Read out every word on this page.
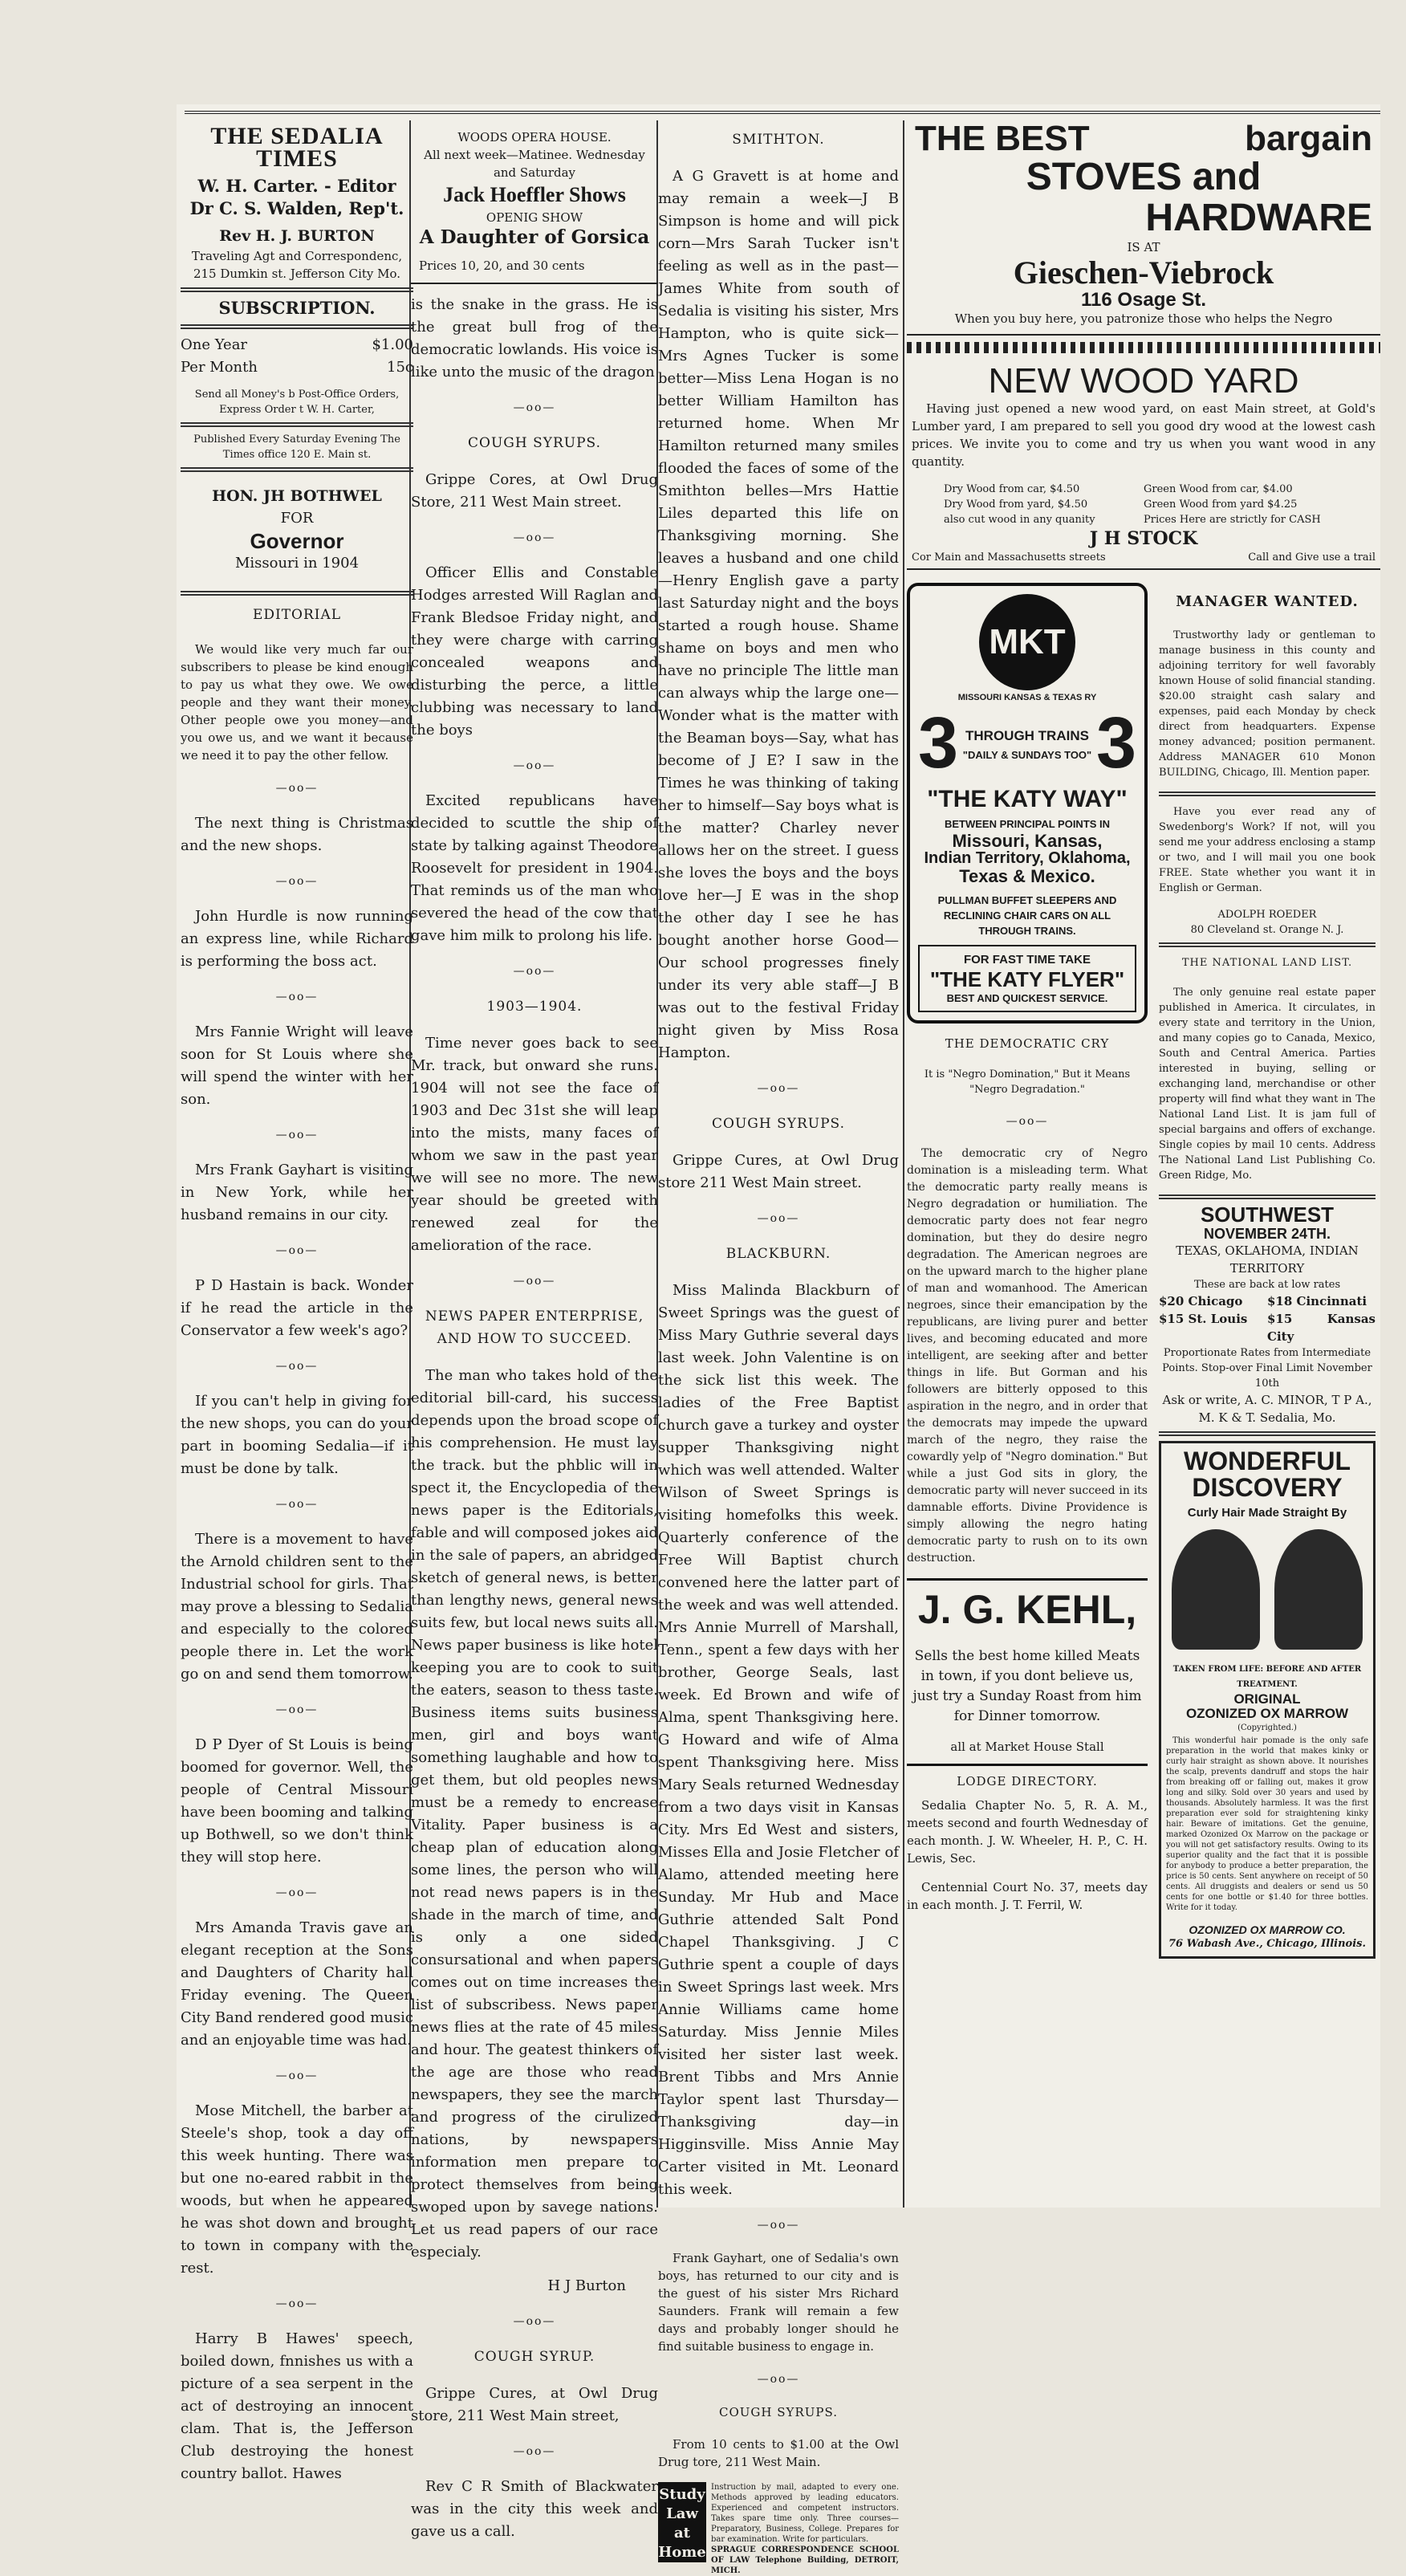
THE SEDALIA TIMES
W. H. Carter. - Editor
Dr C. S. Walden, Rep't.
Rev H. J. BURTON
Traveling Agt and Correspondenc,
215 Dumkin st. Jefferson City Mo.
SUBSCRIPTION.
One Year	$1.00
Per Month	15c
Send all Money's b Post-Office Orders, Express Order t W. H. Carter,
Published Every Saturday Evening The Times office 120 E. Main st.
HON. JH BOTHWEL
FOR
Governor
Missouri in 1904
EDITORIAL

We would like very much far our subscribers to please be kind enough to pay us what they owe. We owe people and they want their money. Other people owe you money—and you owe us, and we want it because we need it to pay the other fellow.

—oo—

The next thing is Christmas and the new shops.

—oo—

John Hurdle is now running an express line, while Richard is performing the boss act.

—oo—

Mrs Fannie Wright will leave soon for St Louis where she will spend the winter with her son.

—oo—

Mrs Frank Gayhart is visiting in New York, while her husband remains in our city.

—oo—

P D Hastain is back. Wonder if he read the article in the Conservator a few week's ago?

—oo—

If you can't help in giving for the new shops, you can do your part in booming Sedalia—if it must be done by talk.

—oo—

There is a movement to have the Arnold children sent to the Industrial school for girls. That may prove a blessing to Sedalia and especially to the colored people there in. Let the work go on and send them tomorrow.

—oo—

D P Dyer of St Louis is being boomed for governor. Well, the people of Central Missouri have been booming and talking up Bothwell, so we don't think they will stop here.

—oo—

Mrs Amanda Travis gave an elegant reception at the Sons and Daughters of Charity hall Friday evening. The Queen City Band rendered good music and an enjoyable time was had.

—oo—

Mose Mitchell, the barber at Steele's shop, took a day off this week hunting. There was but one no-eared rabbit in the woods, but when he appeared he was shot down and brought to town in company with the rest.

—oo—

Harry B Hawes' speech, boiled down, fnnishes us with a picture of a sea serpent in the act of destroying an innocent clam. That is, the Jefferson Club destroying the honest country ballot. Hawes

WOODS OPERA HOUSE.
All next week—Matinee. Wednesday and Saturday
Jack Hoeffler Shows
OPENIG SHOW
A Daughter of Gorsica
Prices 10, 20, and 30 cents

is the snake in the grass. He is the great bull frog of the democratic lowlands. His voice is like unto the music of the dragon

—oo—
COUGH SYRUPS.

Grippe Cores, at Owl Drug Store, 211 West Main street.

—oo—

Officer Ellis and Constable Hodges arrested Will Raglan and Frank Bledsoe Friday night, and they were charge with carring concealed weapons and disturbing the perce, a little clubbing was necessary to land the boys

—oo—

Excited republicans have decided to scuttle the ship of state by talking against Theodore Roosevelt for president in 1904. That reminds us of the man who severed the head of the cow that gave him milk to prolong his life.

—oo—
1903—1904.

Time never goes back to see Mr. track, but onward she runs. 1904 will not see the face of 1903 and Dec 31st she will leap into the mists, many faces of whom we saw in the past year we will see no more. The new year should be greeted with renewed zeal for the amelioration of the race.

—oo—
NEWS PAPER ENTERPRISE, AND HOW TO SUCCEED.

The man who takes hold of the editorial bill-card, his success depends upon the broad scope of his comprehension. He must lay the track. but the phblic will in spect it, the Encyclopedia of the news paper is the Editorials, fable and will composed jokes aid in the sale of papers, an abridged sketch of general news, is better than lengthy news, general news suits few, but local news suits all. News paper business is like hotel keeping you are to cook to suit the eaters, season to thess taste. Business items suits business men, girl and boys want something laughable and how to get them, but old peoples news must be a remedy to encrease Vitality. Paper business is a cheap plan of education along some lines, the person who will not read news papers is in the shade in the march of time, and is only a one sided consursational and when papers comes out on time increases the list of subscribess. News paper news flies at the rate of 45 miles and hour. The geatest thinkers of the age are those who read newspapers, they see the march and progress of the cirulized nations, by newspapers information men prepare to protect themselves from being swoped upon by savege nations. Let us read papers of our race especialy.

H J Burton
—oo—
COUGH SYRUP.

Grippe Cures, at Owl Drug store, 211 West Main street,

—oo—

Rev C R Smith of Blackwater was in the city this week and gave us a call.

SMITHTON.

A G Gravett is at home and may remain a week—J B Simpson is home and will pick corn—Mrs Sarah Tucker isn't feeling as well as in the past—James White from south of Sedalia is visiting his sister, Mrs Hampton, who is quite sick—Mrs Agnes Tucker is some better—Miss Lena Hogan is no better William Hamilton has returned home. When Mr Hamilton returned many smiles flooded the faces of some of the Smithton belles—Mrs Hattie Liles departed this life on Thanksgiving morning. She leaves a husband and one child—Henry English gave a party last Saturday night and the boys started a rough house. Shame shame on boys and men who have no principle The little man can always whip the large one—Wonder what is the matter with the Beaman boys—Say, what has become of J E? I saw in the Times he was thinking of taking her to himself—Say boys what is the matter? Charley never allows her on the street. I guess she loves the boys and the boys love her—J E was in the shop the other day I see he has bought another horse Good—Our school progresses finely under its very able staff—J B was out to the festival Friday night given by Miss Rosa Hampton.

—oo—
COUGH SYRUPS.

Grippe Cures, at Owl Drug store 211 West Main street.

—oo—
BLACKBURN.

Miss Malinda Blackburn of Sweet Springs was the guest of Miss Mary Guthrie several days last week. John Valentine is on the sick list this week. The ladies of the Free Baptist church gave a turkey and oyster supper Thanksgiving night which was well attended. Walter Wilson of Sweet Springs is visiting homefolks this week. Quarterly conference of the Free Will Baptist church convened here the latter part of the week and was well attended. Mrs Annie Murrell of Marshall, Tenn., spent a few days with her brother, George Seals, last week. Ed Brown and wife of Alma, spent Thanksgiving here. G Howard and wife of Alma spent Thanksgiving here. Miss Mary Seals returned Wednesday from a two days visit in Kansas City. Mrs Ed West and sisters, Misses Ella and Josie Fletcher of Alamo, attended meeting here Sunday. Mr Hub and Mace Guthrie attended Salt Pond Chapel Thanksgiving. J C Guthrie spent a couple of days in Sweet Springs last week. Mrs Annie Williams came home Saturday. Miss Jennie Miles visited her sister last week. Brent Tibbs and Mrs Annie Taylor spent last Thursday—Thanksgiving day—in Higginsville. Miss Annie May Carter visited in Mt. Leonard this week.

—oo—

Frank Gayhart, one of Sedalia's own boys, has returned to our city and is the guest of his sister Mrs Richard Saunders. Frank will remain a few days and probably longer should he find suitable business to engage in.

—oo—
COUGH SYRUPS.

From 10 cents to $1.00 at the Owl Drug tore, 211 West Main.

Study Law at Home
Instruction by mail, adapted to every one. Methods approved by leading educators. Experienced and competent instructors. Takes spare time only. Three courses—Preparatory, Business, College. Prepares for bar examination. Write for particulars.
SPRAGUE CORRESPONDENCE SCHOOL OF LAW Telephone Building, DETROIT, MICH.
THE BEST	bargain
STOVES and
HARDWARE
IS AT
Gieschen-Viebrock
116 Osage St.
When you buy here, you patronize those who helps the Negro
NEW WOOD YARD

Having just opened a new wood yard, on east Main street, at Gold's Lumber yard, I am prepared to sell you good dry wood at the lowest cash prices. We invite you to come and try us when you want wood in any quantity.

Dry Wood from car, $4.50	Green Wood from car, $4.00
Dry Wood from yard, $4.50	Green Wood from yard $4.25
also cut wood in any quanity	Prices Here are strictly for CASH
J H STOCK
Cor Main and Massachusetts streets	Call and Give use a trail
MKT
MISSOURI KANSAS & TEXAS RY
3 THROUGH TRAINS
"DAILY & SUNDAYS TOO" 3
"THE KATY WAY"
BETWEEN PRINCIPAL POINTS IN
Missouri, Kansas,
Indian Territory, Oklahoma,
Texas & Mexico.
PULLMAN BUFFET SLEEPERS AND RECLINING CHAIR CARS ON ALL THROUGH TRAINS.
FOR FAST TIME TAKE
"THE KATY FLYER"
BEST AND QUICKEST SERVICE.
THE DEMOCRATIC CRY
It is "Negro Domination," But it Means "Negro Degradation."
—oo—

The democratic cry of Negro domination is a misleading term. What the democratic party really means is Negro degradation or humiliation. The democratic party does not fear negro domination, but they do desire negro degradation. The American negroes are on the upward march to the higher plane of man and womanhood. The American negroes, since their emancipation by the republicans, are living purer and better lives, and becoming educated and more intelligent, are seeking after and better things in life. But Gorman and his followers are bitterly opposed to this aspiration in the negro, and in order that the democrats may impede the upward march of the negro, they raise the cowardly yelp of "Negro domination." But while a just God sits in glory, the democratic party will never succeed in its damnable efforts. Divine Providence is simply allowing the negro hating democratic party to rush on to its own destruction.

J. G. KEHL,

Sells the best home killed Meats in town, if you dont believe us, just try a Sunday Roast from him for Dinner tomorrow.

all at Market House Stall
LODGE DIRECTORY.

Sedalia Chapter No. 5, R. A. M., meets second and fourth Wednesday of each month. J. W. Wheeler, H. P., C. H. Lewis, Sec.

Centennial Court No. 37, meets day in each month. J. T. Ferril, W.

MANAGER WANTED.

Trustworthy lady or gentleman to manage business in this county and adjoining territory for well favorably known House of solid financial standing. $20.00 straight cash salary and expenses, paid each Monday by check direct from headquarters. Expense money advanced; position permanent. Address MANAGER 610 Monon BUILDING, Chicago, Ill. Mention paper.

Have you ever read any of Swedenborg's Work? If not, will you send me your address enclosing a stamp or two, and I will mail you one book FREE. State whether you want it in English or German.

ADOLPH ROEDER
80 Cleveland st. Orange N. J.
THE NATIONAL LAND LIST.

The only genuine real estate paper published in America. It circulates, in every state and territory in the Union, and many copies go to Canada, Mexico, South and Central America. Parties interested in buying, selling or exchanging land, merchandise or other property will find what they want in The National Land List. It is jam full of special bargains and offers of exchange. Single copies by mail 10 cents. Address The National Land List Publishing Co. Green Ridge, Mo.

SOUTHWEST
NOVEMBER 24TH.
TEXAS, OKLAHOMA, INDIAN TERRITORY
These are back at low rates
$20 Chicago	$18 Cincinnati
$15 St. Louis	$15 Kansas City
Proportionate Rates from Intermediate Points. Stop-over Final Limit November 10th
Ask or write, A. C. MINOR, T P A., M. K & T. Sedalia, Mo.
WONDERFUL
DISCOVERY
Curly Hair Made Straight By

TAKEN FROM LIFE: BEFORE AND AFTER TREATMENT.
ORIGINAL
OZONIZED OX MARROW
(Copyrighted.)

This wonderful hair pomade is the only safe preparation in the world that makes kinky or curly hair straight as shown above. It nourishes the scalp, prevents dandruff and stops the hair from breaking off or falling out, makes it grow long and silky. Sold over 30 years and used by thousands. Absolutely harmless. It was the first preparation ever sold for straightening kinky hair. Beware of imitations. Get the genuine, marked Ozonized Ox Marrow on the package or you will not get satisfactory results. Owing to its superior quality and the fact that it is possible for anybody to produce a better preparation, the price is 50 cents. Sent anywhere on receipt of 50 cents. All druggists and dealers or send us 50 cents for one bottle or $1.40 for three bottles. Write for it today.

OZONIZED OX MARROW CO.
76 Wabash Ave., Chicago, Illinois.
